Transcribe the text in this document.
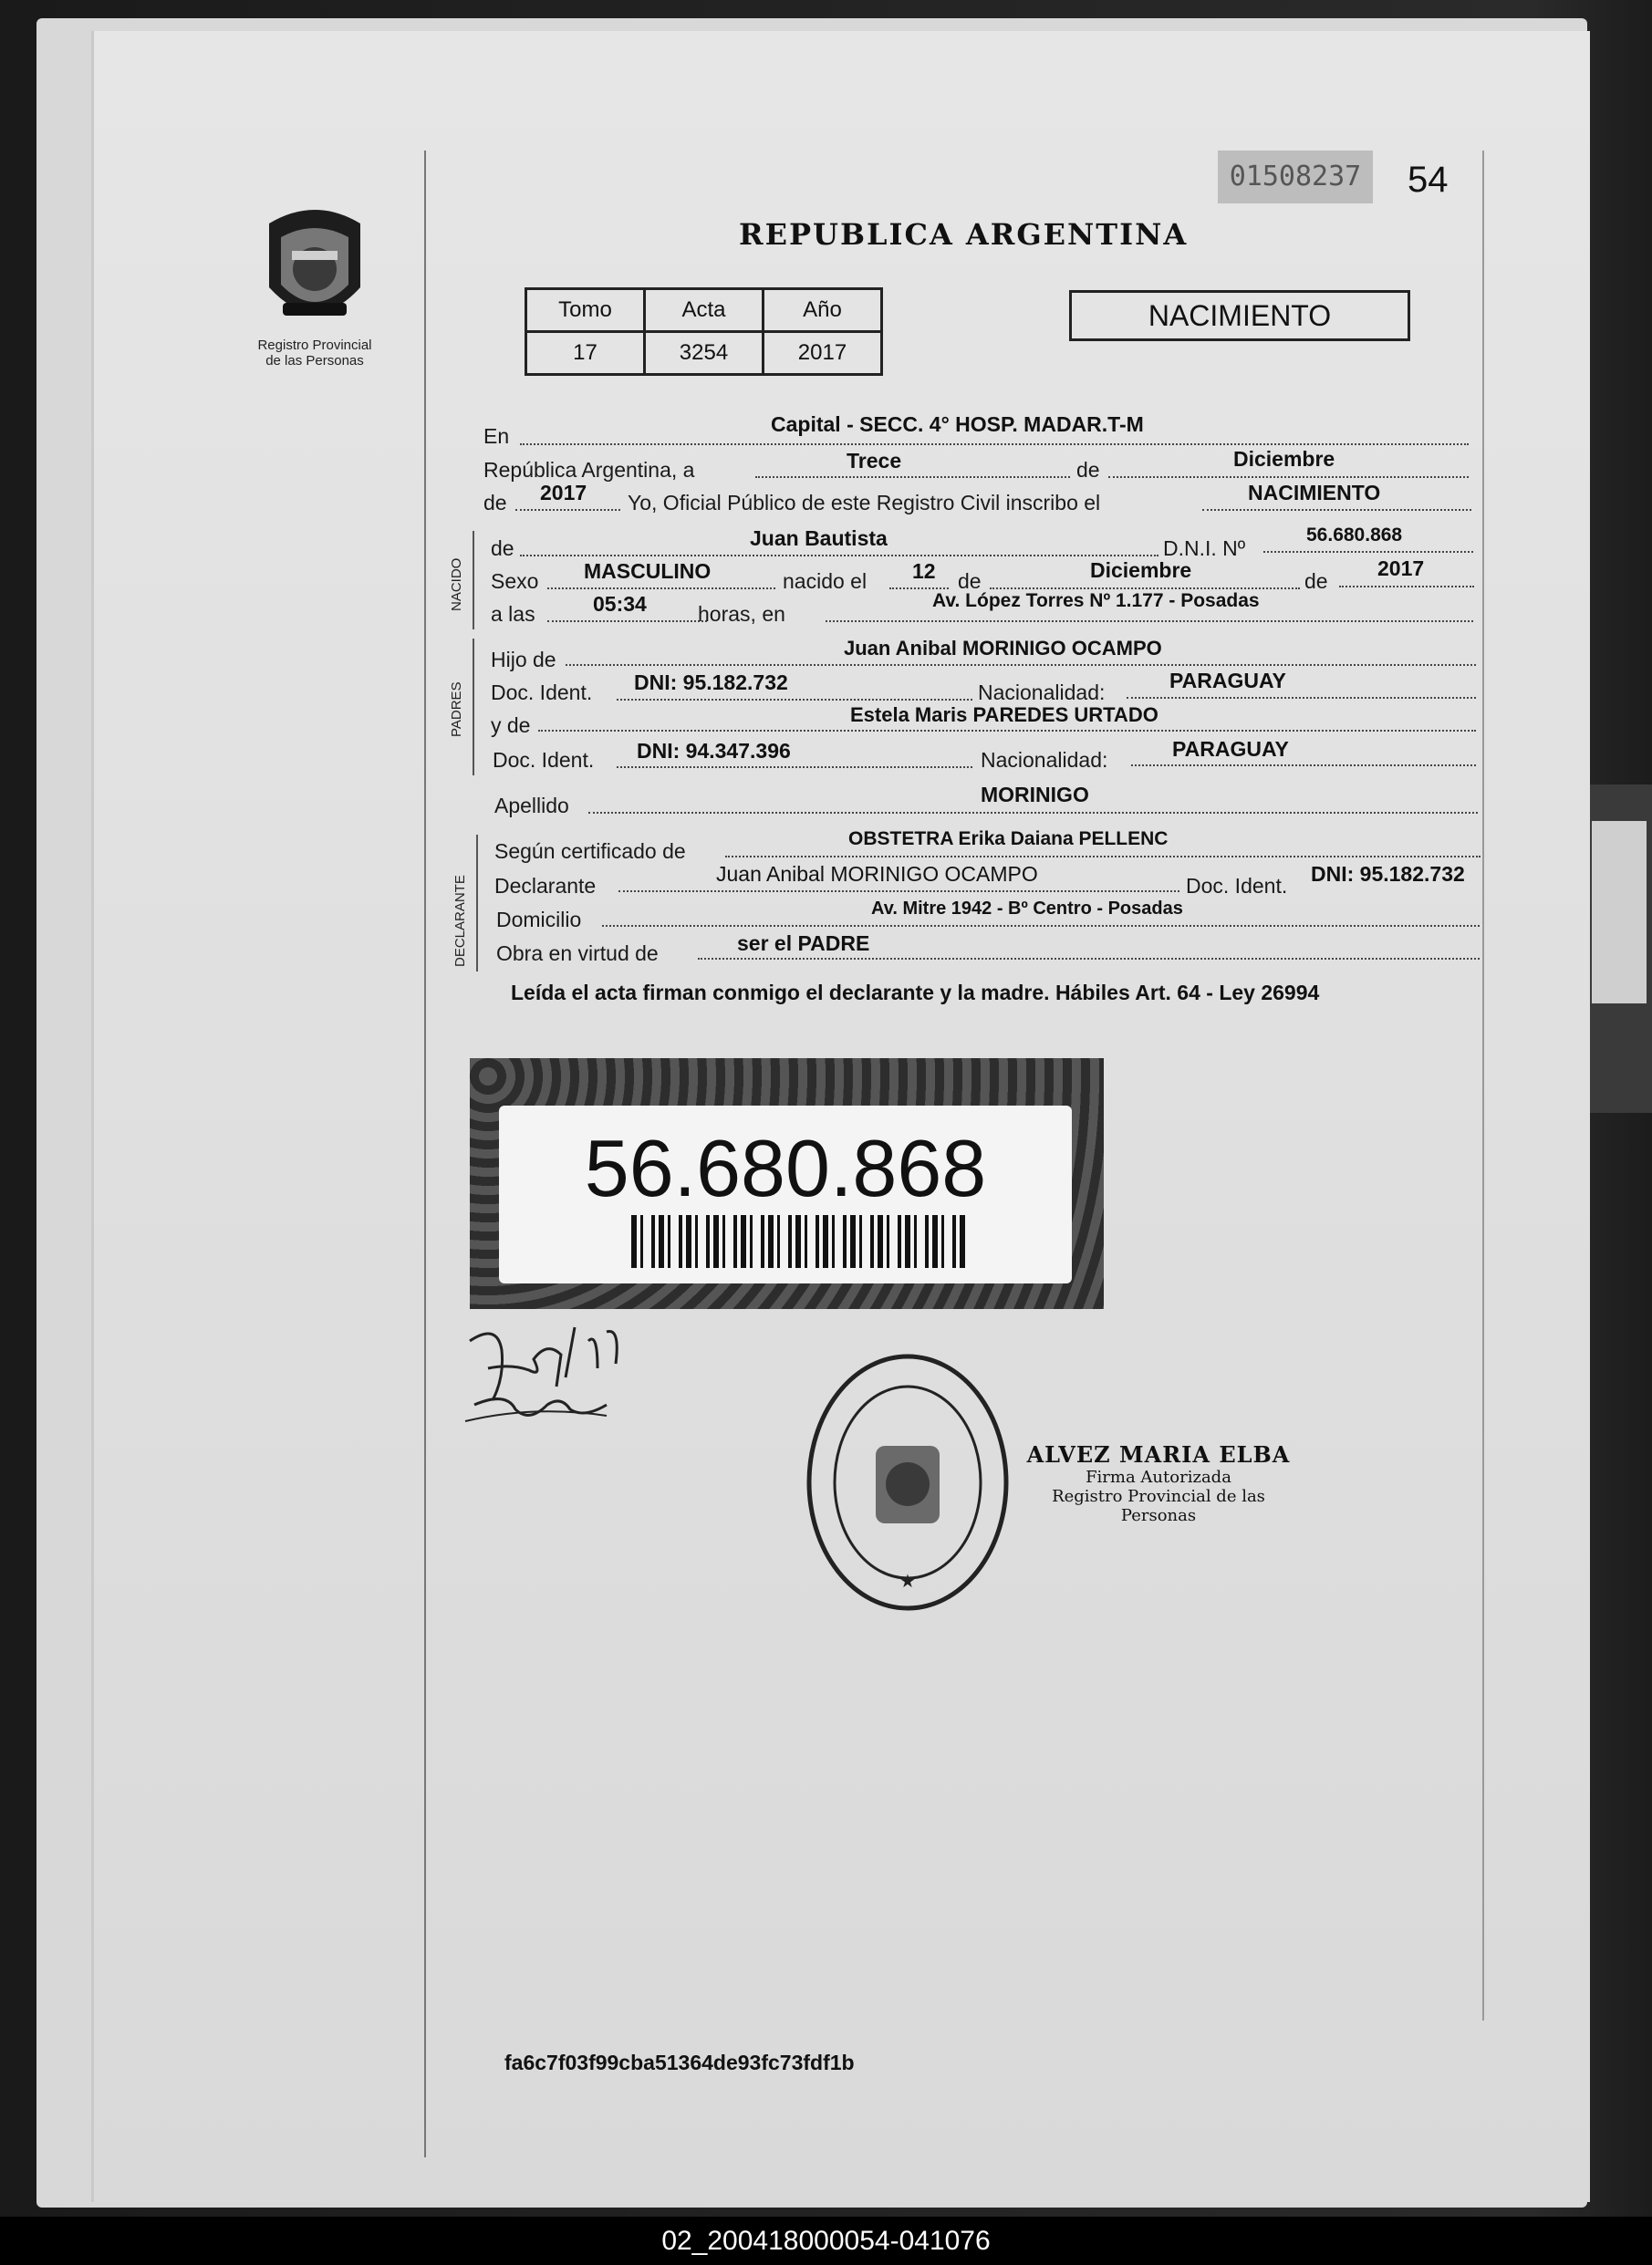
Registro Provincial
de las Personas
01508237	54
REPUBLICA ARGENTINA
Tomo	Acta	Año
17	3254	2017
NACIMIENTO
En	Capital - SECC. 4° HOSP. MADAR.T-M
República Argentina, a	Trece	de	Diciembre
de 2017 Yo, Oficial Público de este Registro Civil inscribo el	NACIMIENTO
NACIDO
de	Juan Bautista	D.N.I. Nº
56.680.868
Sexo MASCULINO	nacido el 12 de	Diciembre	de
2017
a las	05:34 horas, en
Av. López Torres Nº 1.177 - Posadas
PADRES
Hijo de	Juan Anibal MORINIGO OCAMPO
Doc. Ident. DNI: 95.182.732	Nacionalidad:	PARAGUAY
y de	Estela Maris PAREDES URTADO
Doc. Ident. DNI: 94.347.396	Nacionalidad:	PARAGUAY
Apellido	MORINIGO
DECLARANTE
Según certificado de
OBSTETRA Erika Daiana PELLENC
Declarante	Juan Anibal MORINIGO OCAMPO	Doc. Ident. DNI: 95.182.732
Domicilio	Av. Mitre 1942 - Bº Centro - Posadas
Obra en virtud de	ser el PADRE
Leída el acta firman conmigo el declarante y la madre. Hábiles Art. 64 - Ley 26994
56.680.868
★
ALVEZ MARIA ELBA
Firma Autorizada
Registro Provincial de las Personas
fa6c7f03f99cba51364de93fc73fdf1b
02_200418000054-041076
